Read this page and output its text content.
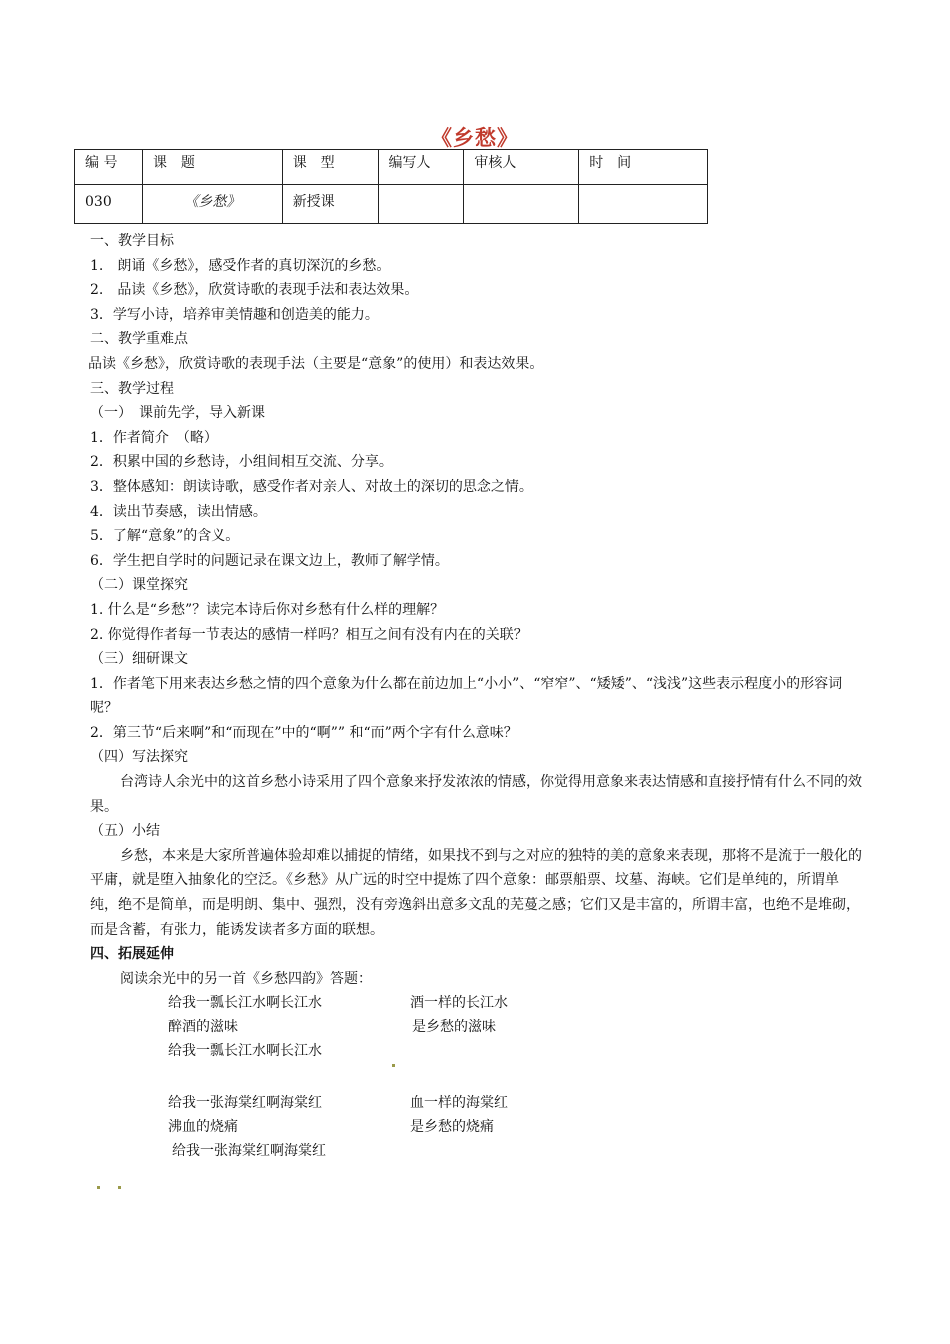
《乡愁》
编 号	课　题	课　型	编写人	审核人	时　间
030	《乡愁》	新授课			

一、教学目标

1.　朗诵《乡愁》，感受作者的真切深沉的乡愁。

2.　品读《乡愁》，欣赏诗歌的表现手法和表达效果。

3．学写小诗，培养审美情趣和创造美的能力。

二、教学重难点

品读《乡愁》，欣赏诗歌的表现手法（主要是“意象”的使用）和表达效果。

三、教学过程

（一）　课前先学，导入新课

1．作者简介　（略）

2．积累中国的乡愁诗，小组间相互交流、分享。

3．整体感知：朗读诗歌，感受作者对亲人、对故土的深切的思念之情。

4．读出节奏感，读出情感。

5．了解“意象”的含义。

6．学生把自学时的问题记录在课文边上，教师了解学情。

（二）课堂探究

1. 什么是“乡愁”？读完本诗后你对乡愁有什么样的理解？

2. 你觉得作者每一节表达的感情一样吗？相互之间有没有内在的关联？

（三）细研课文

1．作者笔下用来表达乡愁之情的四个意象为什么都在前边加上“小小”、“窄窄”、“矮矮”、“浅浅”这些表示程度小的形容词呢？

2．第三节“后来啊”和“而现在”中的“啊”” 和“而”两个字有什么意味？

（四）写法探究

台湾诗人余光中的这首乡愁小诗采用了四个意象来抒发浓浓的情感，你觉得用意象来表达情感和直接抒情有什么不同的效果。

（五）小结

乡愁，本来是大家所普遍体验却难以捕捉的情绪，如果找不到与之对应的独特的美的意象来表现，那将不是流于一般化的平庸，就是堕入抽象化的空泛。《乡愁》从广远的时空中提炼了四个意象：邮票船票、坟墓、海峡。它们是单纯的，所谓单纯，绝不是简单，而是明朗、集中、强烈，没有旁逸斜出意多文乱的芜蔓之感；它们又是丰富的，所谓丰富，也绝不是堆砌，而是含蓄，有张力，能诱发读者多方面的联想。

四、拓展延伸

阅读余光中的另一首《乡愁四韵》答题：

给我一瓢长江水啊长江水	酒一样的长江水
醉酒的滋味	是乡愁的滋味
给我一瓢长江水啊长江水
给我一张海棠红啊海棠红	血一样的海棠红
沸血的烧痛	是乡愁的烧痛
给我一张海棠红啊海棠红
